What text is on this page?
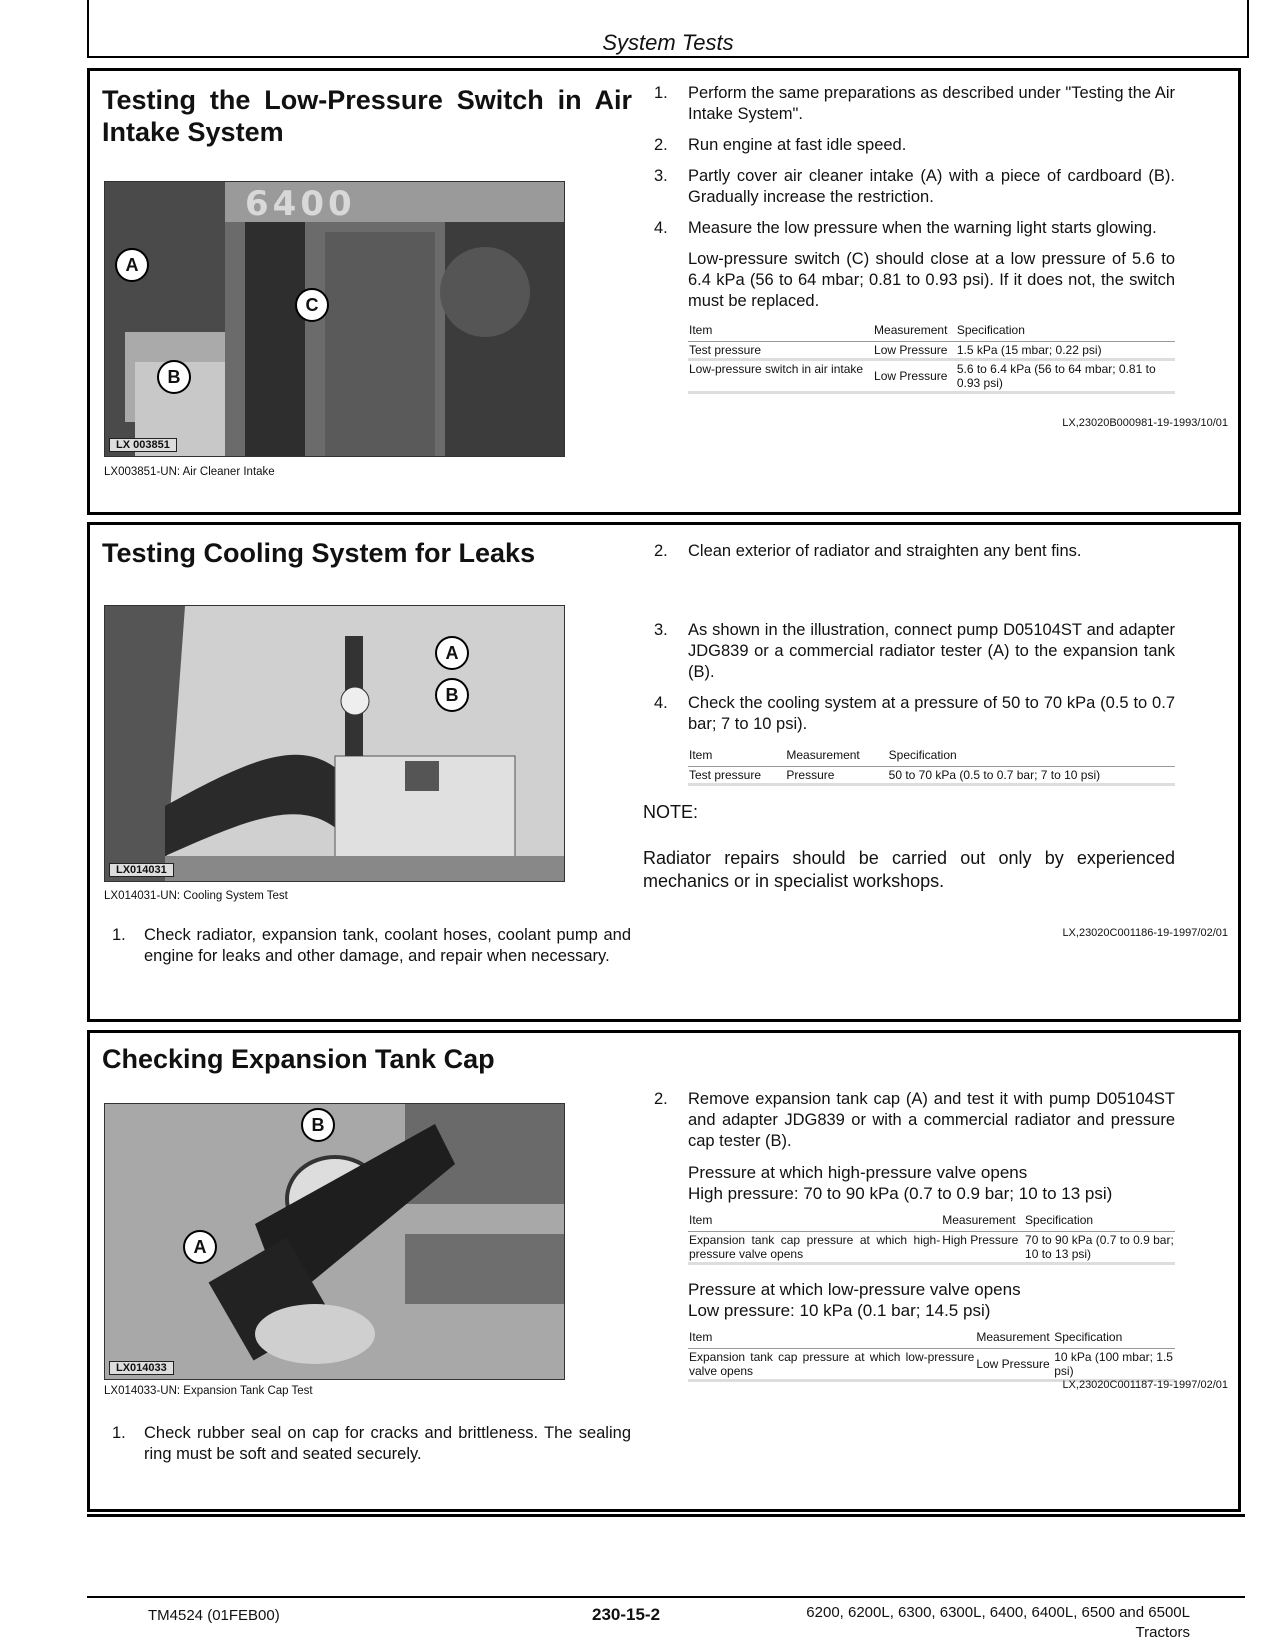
System Tests
Testing the Low-Pressure Switch in Air Intake System
6400
A
B
C
LX 003851
LX003851-UN: Air Cleaner Intake
1.	Perform the same preparations as described under "Testing the Air Intake System".
2.	Run engine at fast idle speed.
3.	Partly cover air cleaner intake (A) with a piece of cardboard (B). Gradually increase the restriction.
4.	Measure the low pressure when the warning light starts glowing.
Low-pressure switch (C) should close at a low pressure of 5.6 to 6.4 kPa (56 to 64 mbar; 0.81 to 0.93 psi). If it does not, the switch must be replaced.
Item	Measurement	Specification
Test pressure	Low Pressure	1.5 kPa (15 mbar; 0.22 psi)
Low-pressure switch in air intake	Low Pressure	5.6 to 6.4 kPa (56 to 64 mbar; 0.81 to 0.93 psi)
LX,23020B000981-19-1993/10/01
Testing Cooling System for Leaks
A
B
LX014031
LX014031-UN: Cooling System Test
1.	Check radiator, expansion tank, coolant hoses, coolant pump and engine for leaks and other damage, and repair when necessary.
2.	Clean exterior of radiator and straighten any bent fins.
3.	As shown in the illustration, connect pump D05104ST and adapter JDG839 or a commercial radiator tester (A) to the expansion tank (B).
4.	Check the cooling system at a pressure of 50 to 70 kPa (0.5 to 0.7 bar; 7 to 10 psi).
Item	Measurement	Specification
Test pressure	Pressure	50 to 70 kPa (0.5 to 0.7 bar; 7 to 10 psi)
NOTE:
Radiator repairs should be carried out only by experienced mechanics or in specialist workshops.
LX,23020C001186-19-1997/02/01
Checking Expansion Tank Cap
B
A
LX014033
LX014033-UN: Expansion Tank Cap Test
1.	Check rubber seal on cap for cracks and brittleness. The sealing ring must be soft and seated securely.
2.	Remove expansion tank cap (A) and test it with pump D05104ST and adapter JDG839 or with a commercial radiator and pressure cap tester (B).
Pressure at which high-pressure valve opens
High pressure: 70 to 90 kPa (0.7 to 0.9 bar; 10 to 13 psi)
Item	Measurement	Specification
Expansion tank cap pressure at which high-pressure valve opens	High Pressure	70 to 90 kPa (0.7 to 0.9 bar; 10 to 13 psi)
Pressure at which low-pressure valve opens
Low pressure: 10 kPa (0.1 bar; 14.5 psi)
Item	Measurement	Specification
Expansion tank cap pressure at which low-pressure valve opens	Low Pressure	10 kPa (100 mbar; 1.5 psi)
LX,23020C001187-19-1997/02/01
TM4524 (01FEB00)	230-15-2	6200, 6200L, 6300, 6300L, 6400, 6400L, 6500 and 6500L
Tractors
